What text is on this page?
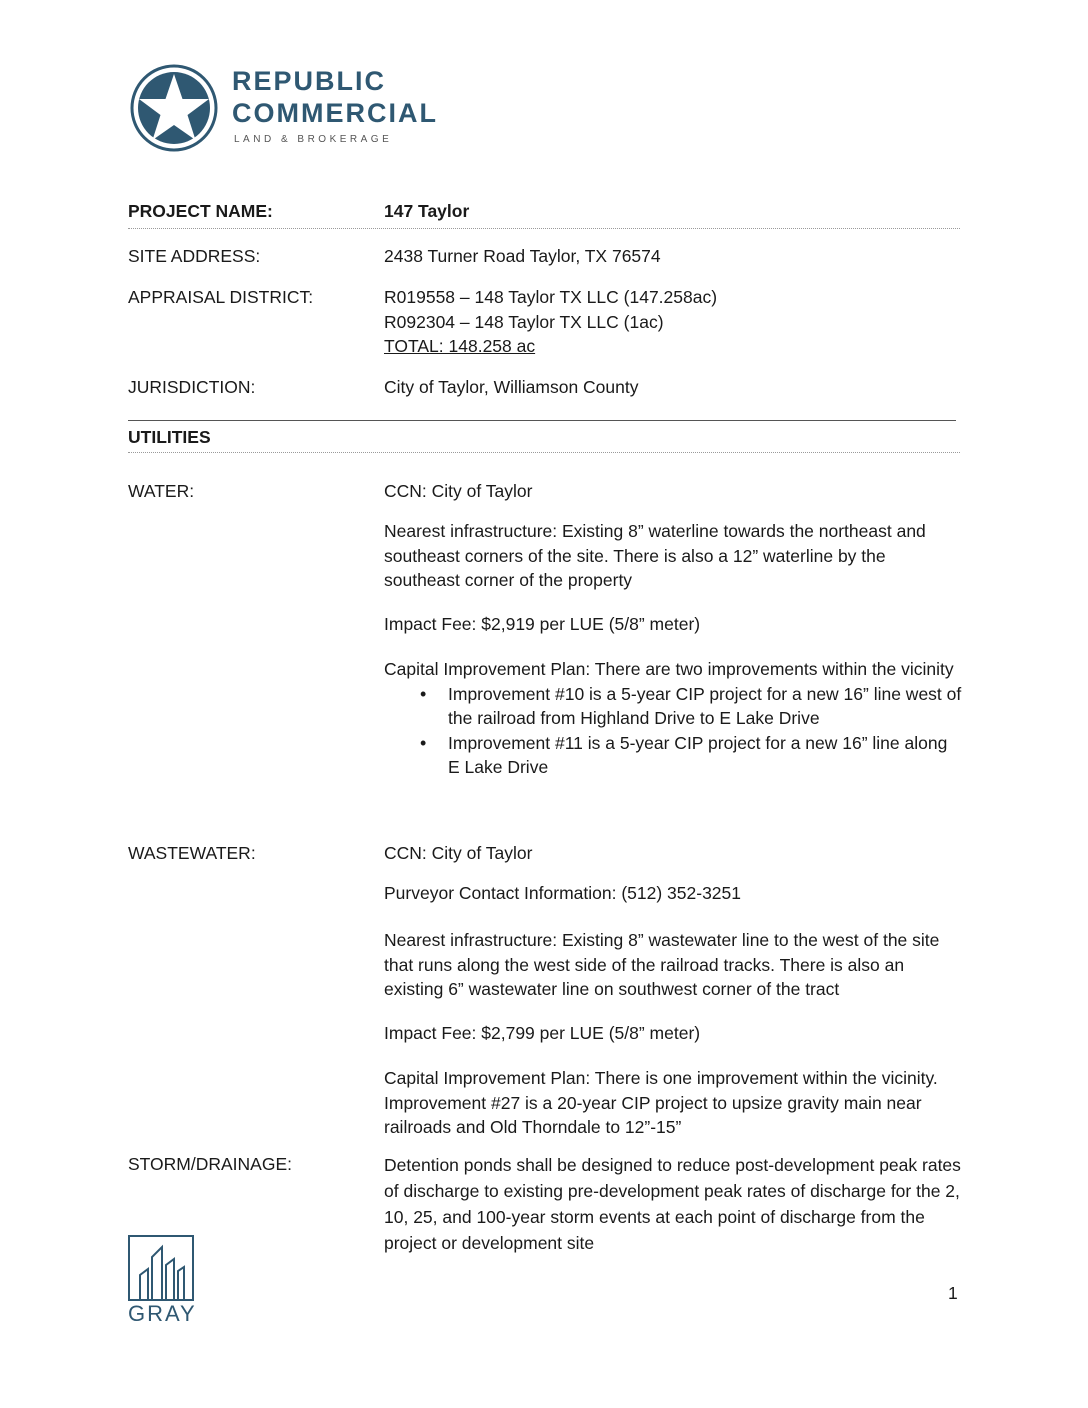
REPUBLIC
COMMERCIAL
LAND & BROKERAGE
PROJECT NAME:	147 Taylor
SITE ADDRESS:	2438 Turner Road Taylor, TX 76574
APPRAISAL DISTRICT:	R019558 – 148 Taylor TX LLC (147.258ac)
R092304 – 148 Taylor TX LLC (1ac)
TOTAL: 148.258 ac
JURISDICTION:	City of Taylor, Williamson County
UTILITIES
WATER:	CCN: City of Taylor
Nearest infrastructure: Existing 8” waterline towards the northeast and southeast corners of the site. There is also a 12” waterline by the southeast corner of the property
Impact Fee: $2,919 per LUE (5/8” meter)
Capital Improvement Plan: There are two improvements within the vicinity
• Improvement #10 is a 5-year CIP project for a new 16” line west of the railroad from Highland Drive to E Lake Drive
• Improvement #11 is a 5-year CIP project for a new 16” line along E Lake Drive
WASTEWATER:	CCN: City of Taylor
Purveyor Contact Information: (512) 352-3251
Nearest infrastructure: Existing 8” wastewater line to the west of the site that runs along the west side of the railroad tracks. There is also an existing 6” wastewater line on southwest corner of the tract
Impact Fee: $2,799 per LUE (5/8” meter)
Capital Improvement Plan: There is one improvement within the vicinity. Improvement #27 is a 20-year CIP project to upsize gravity main near railroads and Old Thorndale to 12”-15”
STORM/DRAINAGE:	Detention ponds shall be designed to reduce post-development peak rates of discharge to existing pre-development peak rates of discharge for the 2, 10, 25, and 100-year storm events at each point of discharge from the project or development site
GRAY
1
